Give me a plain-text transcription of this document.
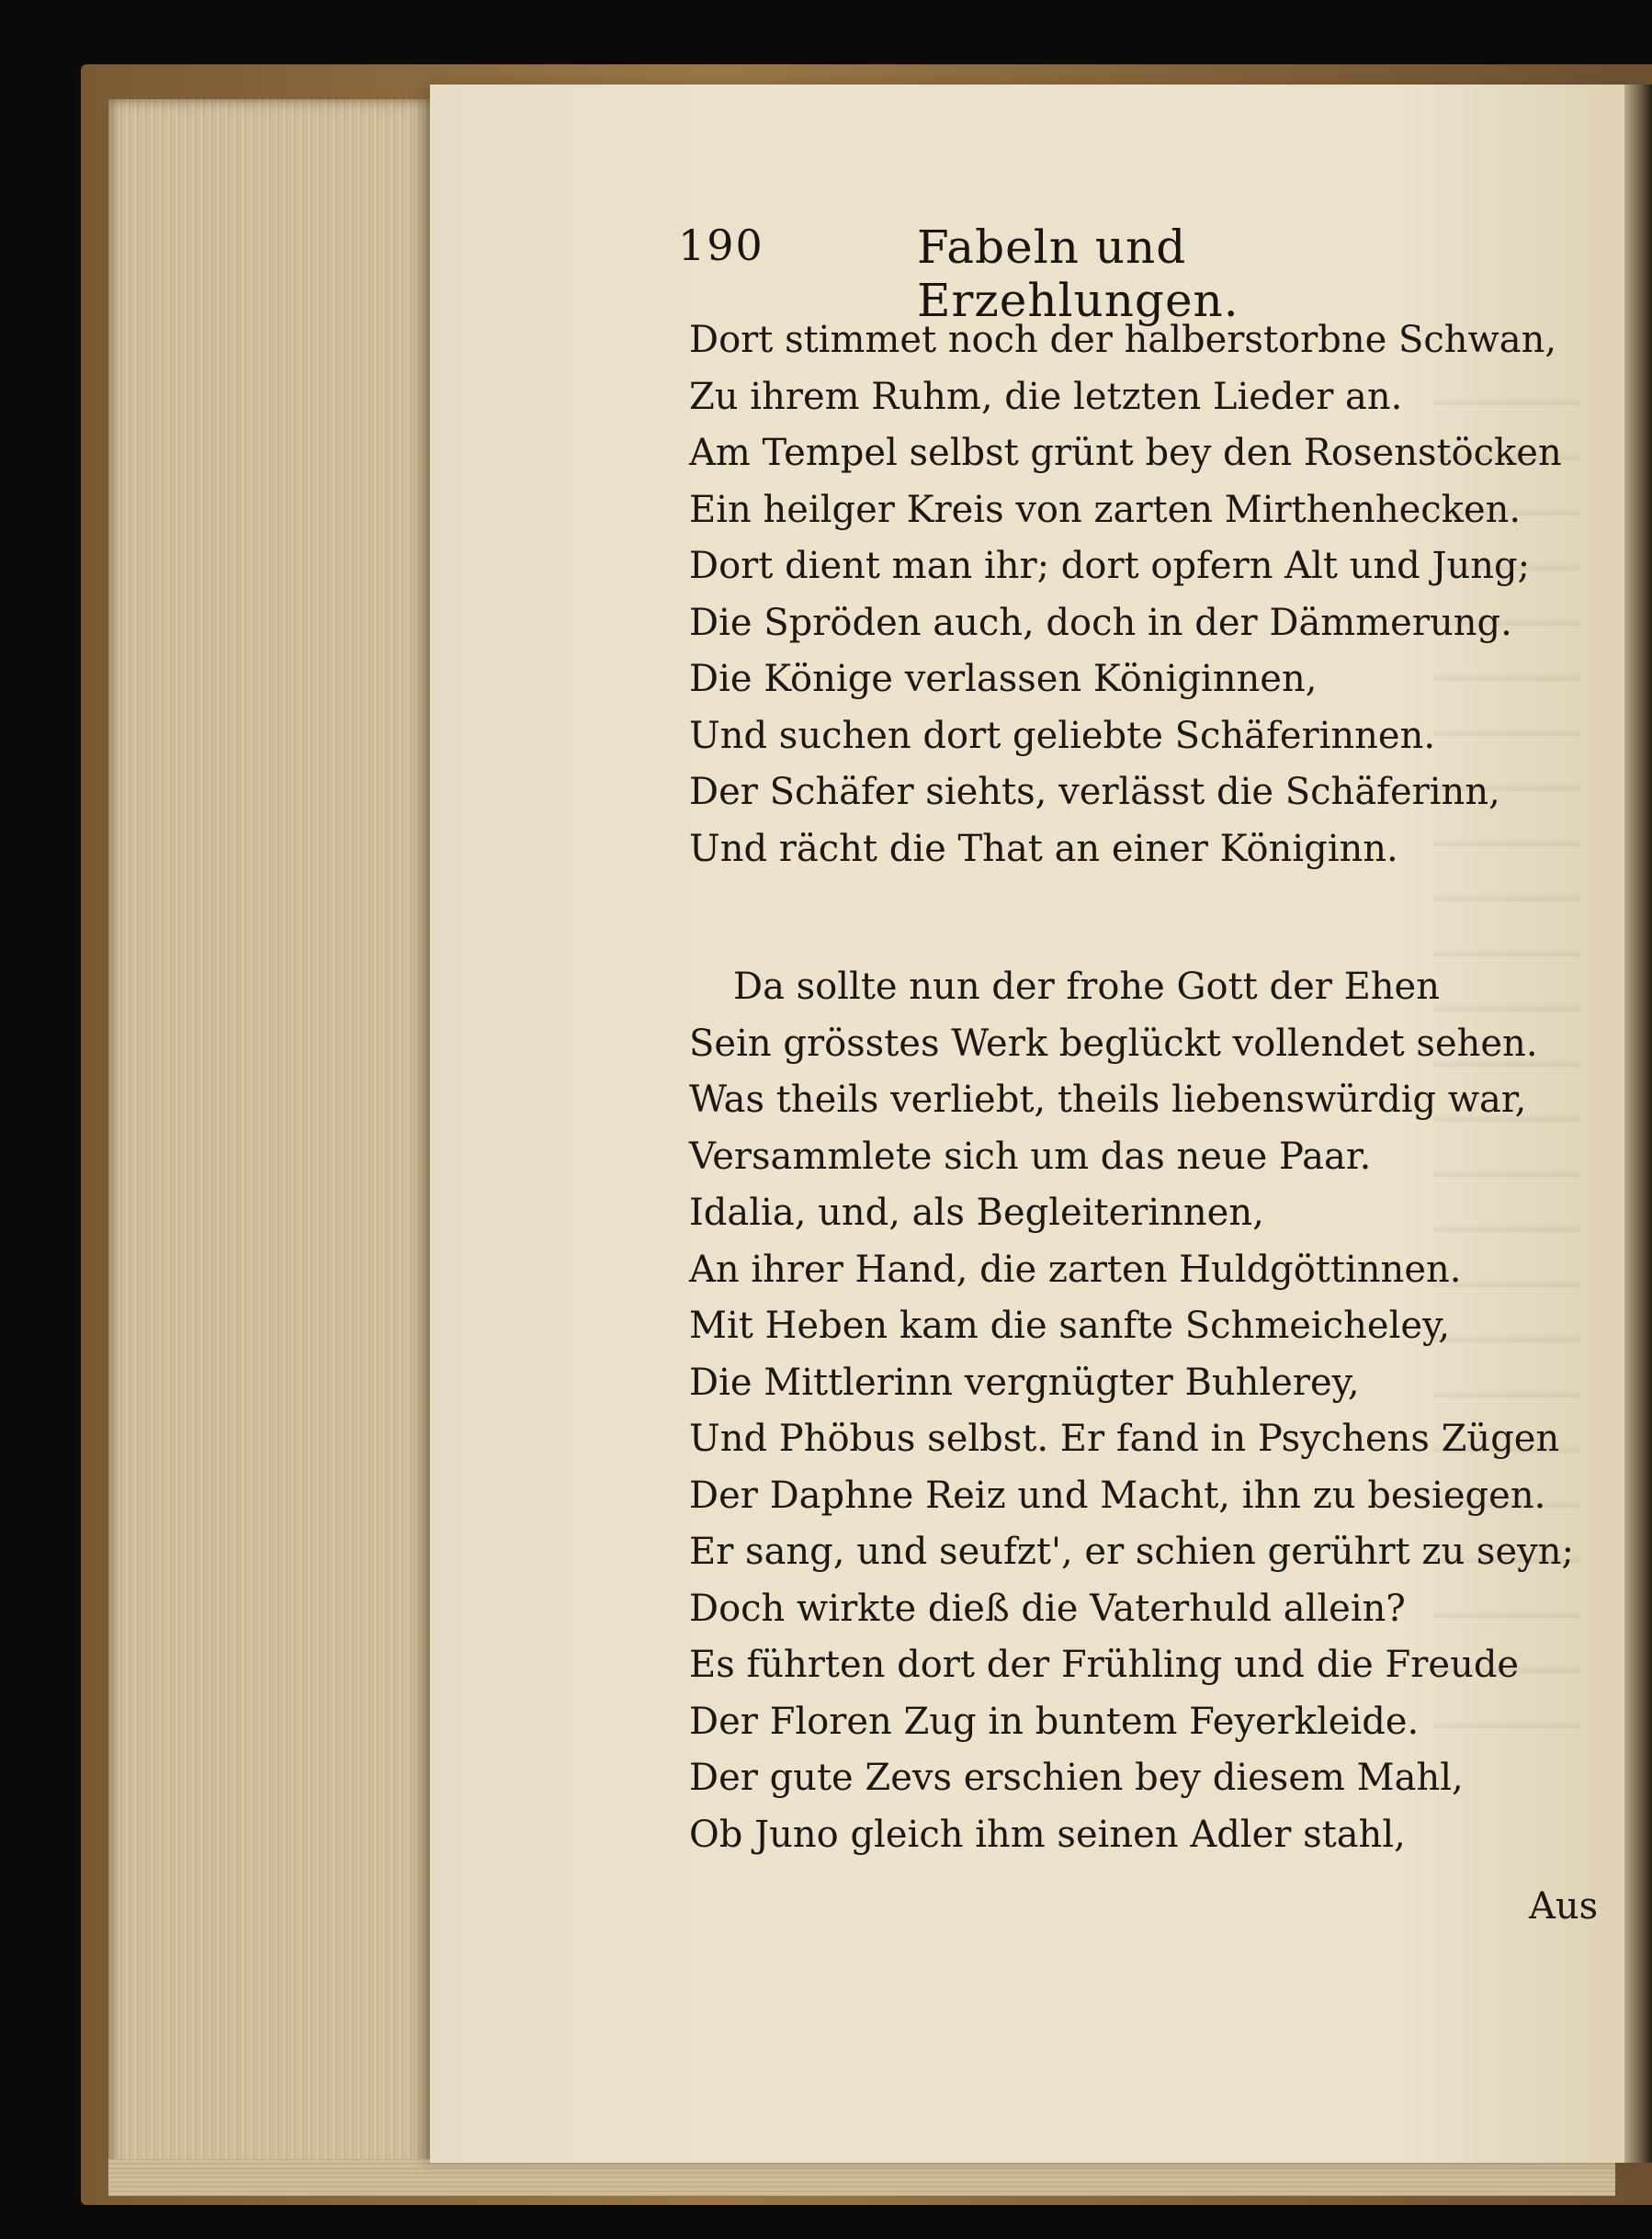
190	Fabeln und Erzehlungen.
Dort stimmet noch der halberstorbne Schwan,
Zu ihrem Ruhm, die letzten Lieder an.
Am Tempel selbst grünt bey den Rosenstöcken
Ein heilger Kreis von zarten Mirthenhecken.
Dort dient man ihr; dort opfern Alt und Jung;
Die Spröden auch, doch in der Dämmerung.
Die Könige verlassen Königinnen,
Und suchen dort geliebte Schäferinnen.
Der Schäfer siehts, verlässt die Schäferinn,
Und rächt die That an einer Königinn.
Da sollte nun der frohe Gott der Ehen
Sein grösstes Werk beglückt vollendet sehen.
Was theils verliebt, theils liebenswürdig war,
Versammlete sich um das neue Paar.
Idalia, und, als Begleiterinnen,
An ihrer Hand, die zarten Huldgöttinnen.
Mit Heben kam die sanfte Schmeicheley,
Die Mittlerinn vergnügter Buhlerey,
Und Phöbus selbst. Er fand in Psychens Zügen
Der Daphne Reiz und Macht, ihn zu besiegen.
Er sang, und seufzt', er schien gerührt zu seyn;
Doch wirkte dieß die Vaterhuld allein?
Es führten dort der Frühling und die Freude
Der Floren Zug in buntem Feyerkleide.
Der gute Zevs erschien bey diesem Mahl,
Ob Juno gleich ihm seinen Adler stahl,
Aus
